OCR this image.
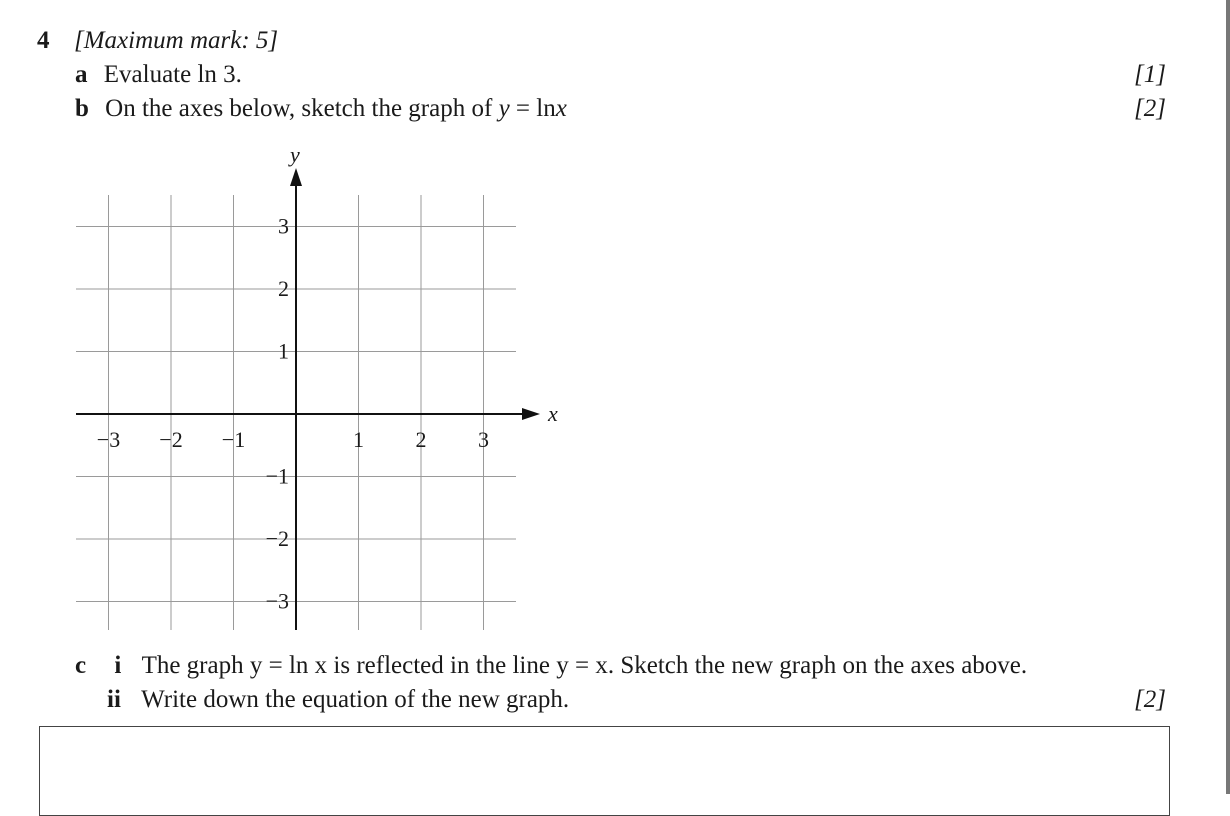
4 [Maximum mark: 5]
a Evaluate ln 3.	[1]
b On the axes below, sketch the graph of y = lnx	[2]
x
y
−3 −2 −1	1 2 3
3
2
1
−1
−2
−3
c i The graph y = ln x is reflected in the line y = x. Sketch the new graph on the axes above.
ii Write down the equation of the new graph.	[2]
